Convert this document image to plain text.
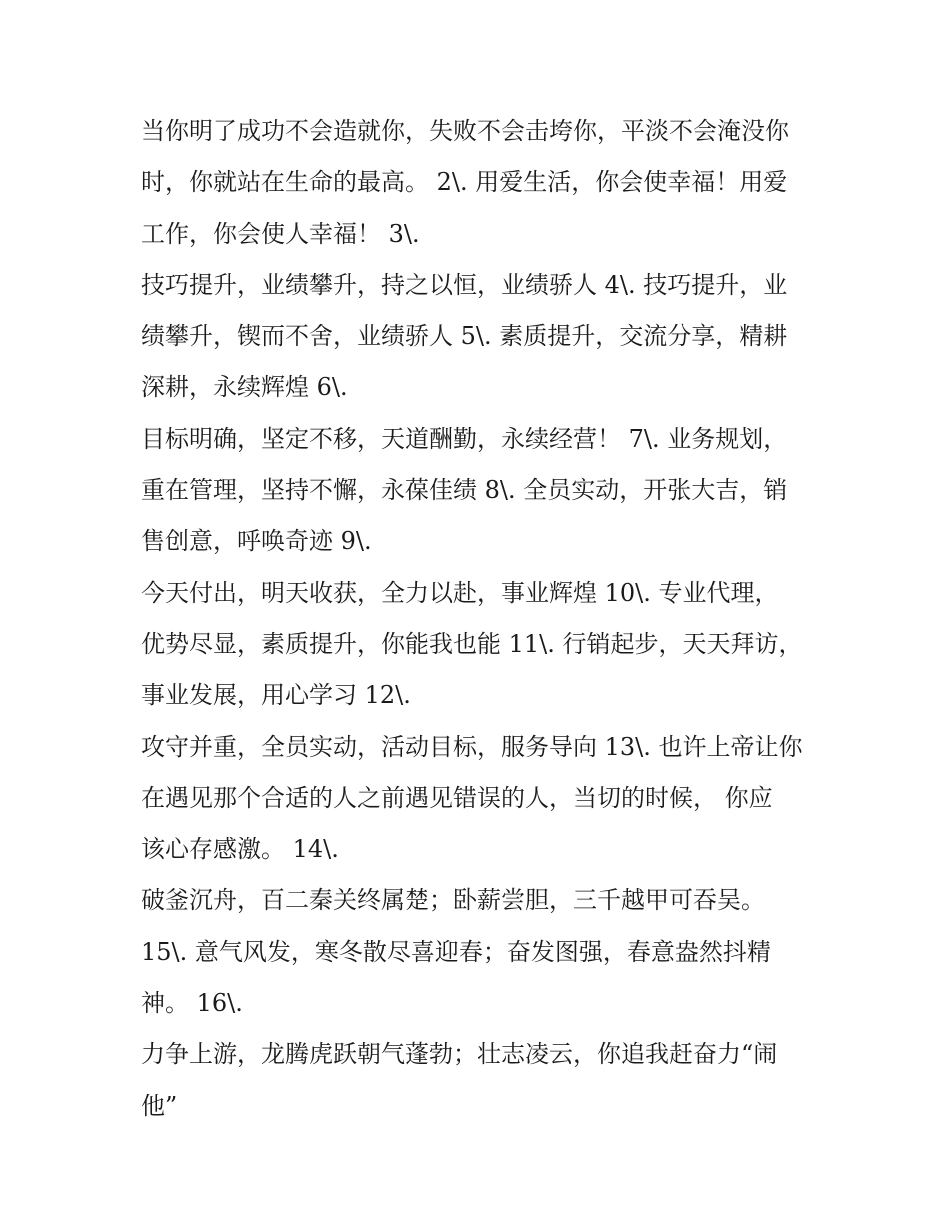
当你明了成功不会造就你，失败不会击垮你，平淡不会淹没你
时，你就站在生命的最高。 2\. 用爱生活，你会使幸福！用爱
工作，你会使人幸福！ 3\.
技巧提升，业绩攀升，持之以恒，业绩骄人 4\. 技巧提升，业
绩攀升，锲而不舍，业绩骄人 5\. 素质提升，交流分享，精耕
深耕，永续辉煌 6\.
目标明确，坚定不移，天道酬勤，永续经营！ 7\. 业务规划，
重在管理，坚持不懈，永葆佳绩 8\. 全员实动，开张大吉，销
售创意，呼唤奇迹 9\.
今天付出，明天收获，全力以赴，事业辉煌 10\. 专业代理，
优势尽显，素质提升，你能我也能 11\. 行销起步，天天拜访，
事业发展，用心学习 12\.
攻守并重，全员实动，活动目标，服务导向 13\. 也许上帝让你
在遇见那个合适的人之前遇见错误的人，当切的时候， 你应
该心存感激。 14\.
破釜沉舟，百二秦关终属楚；卧薪尝胆，三千越甲可吞吴。
15\. 意气风发，寒冬散尽喜迎春；奋发图强，春意盎然抖精
神。 16\.
力争上游，龙腾虎跃朝气蓬勃；壮志凌云，你追我赶奋力“闹
他”
